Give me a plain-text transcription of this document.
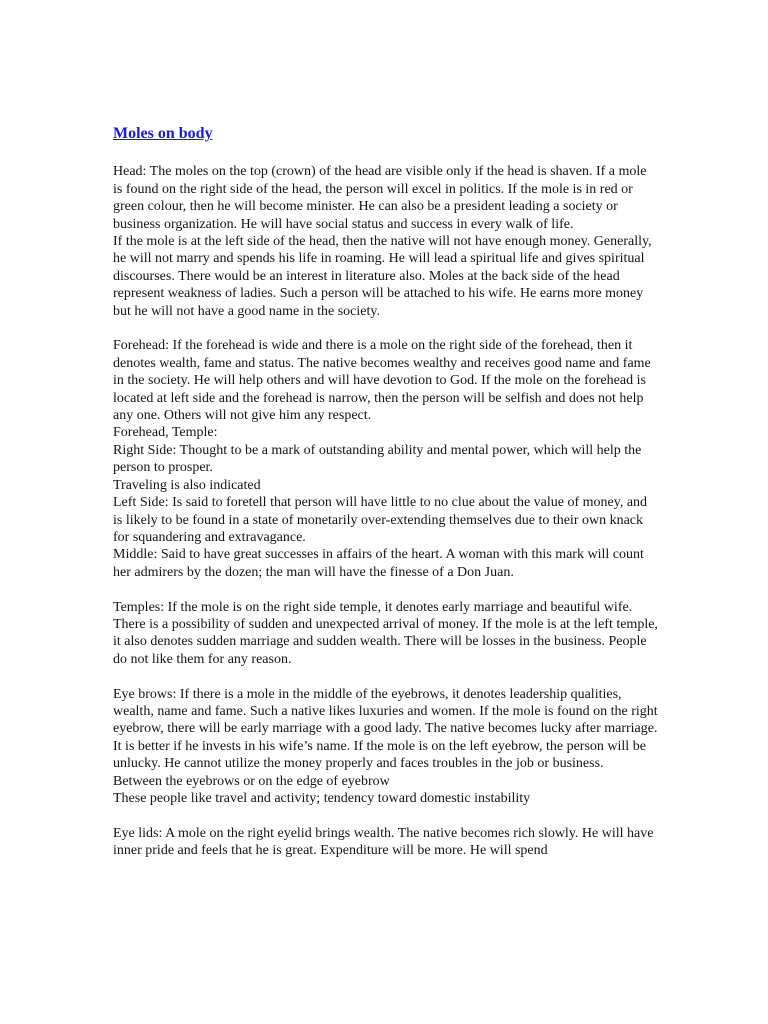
Moles on body
Head: The moles on the top (crown) of the head are visible only if the head is shaven. If a mole is found on the right side of the head, the person will excel in politics. If the mole is in red or green colour, then he will become minister. He can also be a president leading a society or business organization. He will have social status and success in every walk of life.
If the mole is at the left side of the head, then the native will not have enough money. Generally, he will not marry and spends his life in roaming. He will lead a spiritual life and gives spiritual discourses. There would be an interest in literature also. Moles at the back side of the head represent weakness of ladies. Such a person will be attached to his wife. He earns more money but he will not have a good name in the society.
Forehead: If the forehead is wide and there is a mole on the right side of the forehead, then it denotes wealth, fame and status. The native becomes wealthy and receives good name and fame in the society. He will help others and will have devotion to God. If the mole on the forehead is located at left side and the forehead is narrow, then the person will be selfish and does not help any one. Others will not give him any respect.
Forehead, Temple:
Right Side: Thought to be a mark of outstanding ability and mental power, which will help the person to prosper.
Traveling is also indicated
Left Side: Is said to foretell that person will have little to no clue about the value of money, and is likely to be found in a state of monetarily over-extending themselves due to their own knack for squandering and extravagance.
Middle: Said to have great successes in affairs of the heart. A woman with this mark will count her admirers by the dozen; the man will have the finesse of a Don Juan.
Temples: If the mole is on the right side temple, it denotes early marriage and beautiful wife. There is a possibility of sudden and unexpected arrival of money. If the mole is at the left temple, it also denotes sudden marriage and sudden wealth. There will be losses in the business. People do not like them for any reason.
Eye brows: If there is a mole in the middle of the eyebrows, it denotes leadership qualities, wealth, name and fame. Such a native likes luxuries and women. If the mole is found on the right eyebrow, there will be early marriage with a good lady. The native becomes lucky after marriage. It is better if he invests in his wife’s name. If the mole is on the left eyebrow, the person will be unlucky. He cannot utilize the money properly and faces troubles in the job or business.
Between the eyebrows or on the edge of eyebrow
These people like travel and activity; tendency toward domestic instability
Eye lids: A mole on the right eyelid brings wealth. The native becomes rich slowly. He will have inner pride and feels that he is great. Expenditure will be more. He will spend
